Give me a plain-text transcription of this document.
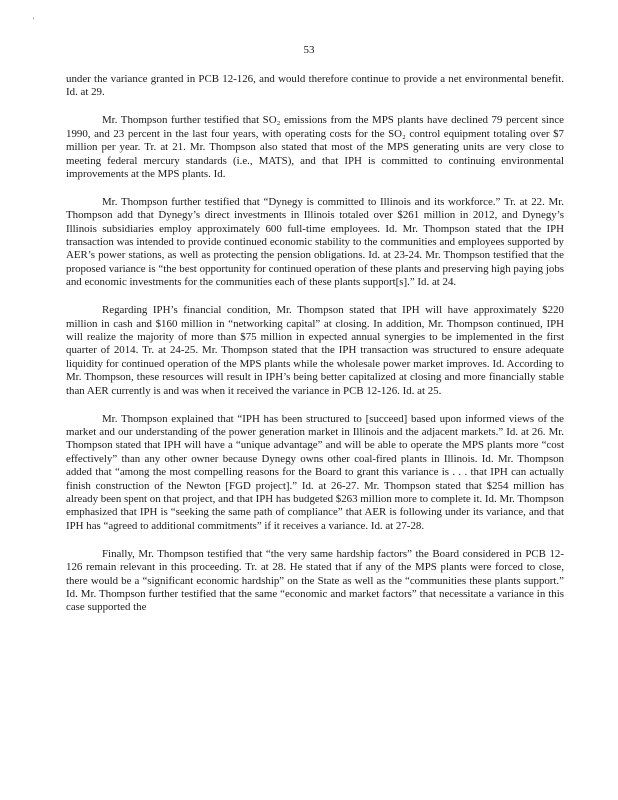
'
53

under the variance granted in PCB 12-126, and would therefore continue to provide a net environmental benefit. Id. at 29.

Mr. Thompson further testified that SO₂ emissions from the MPS plants have declined 79 percent since 1990, and 23 percent in the last four years, with operating costs for the SO₂ control equipment totaling over $7 million per year. Tr. at 21. Mr. Thompson also stated that most of the MPS generating units are very close to meeting federal mercury standards (i.e., MATS), and that IPH is committed to continuing environmental improvements at the MPS plants. Id.

Mr. Thompson further testified that “Dynegy is committed to Illinois and its workforce.” Tr. at 22. Mr. Thompson add that Dynegy’s direct investments in Illinois totaled over $261 million in 2012, and Dynegy’s Illinois subsidiaries employ approximately 600 full-time employees. Id. Mr. Thompson stated that the IPH transaction was intended to provide continued economic stability to the communities and employees supported by AER’s power stations, as well as protecting the pension obligations. Id. at 23-24. Mr. Thompson testified that the proposed variance is “the best opportunity for continued operation of these plants and preserving high paying jobs and economic investments for the communities each of these plants support[s].” Id. at 24.

Regarding IPH’s financial condition, Mr. Thompson stated that IPH will have approximately $220 million in cash and $160 million in “networking capital” at closing. In addition, Mr. Thompson continued, IPH will realize the majority of more than $75 million in expected annual synergies to be implemented in the first quarter of 2014. Tr. at 24-25. Mr. Thompson stated that the IPH transaction was structured to ensure adequate liquidity for continued operation of the MPS plants while the wholesale power market improves. Id. According to Mr. Thompson, these resources will result in IPH’s being better capitalized at closing and more financially stable than AER currently is and was when it received the variance in PCB 12-126. Id. at 25.

Mr. Thompson explained that “IPH has been structured to [succeed] based upon informed views of the market and our understanding of the power generation market in Illinois and the adjacent markets.” Id. at 26. Mr. Thompson stated that IPH will have a “unique advantage” and will be able to operate the MPS plants more “cost effectively” than any other owner because Dynegy owns other coal-fired plants in Illinois. Id. Mr. Thompson added that “among the most compelling reasons for the Board to grant this variance is . . . that IPH can actually finish construction of the Newton [FGD project].” Id. at 26-27. Mr. Thompson stated that $254 million has already been spent on that project, and that IPH has budgeted $263 million more to complete it. Id. Mr. Thompson emphasized that IPH is “seeking the same path of compliance” that AER is following under its variance, and that IPH has “agreed to additional commitments” if it receives a variance. Id. at 27-28.

Finally, Mr. Thompson testified that “the very same hardship factors” the Board considered in PCB 12-126 remain relevant in this proceeding. Tr. at 28. He stated that if any of the MPS plants were forced to close, there would be a “significant economic hardship” on the State as well as the “communities these plants support.” Id. Mr. Thompson further testified that the same “economic and market factors” that necessitate a variance in this case supported the
